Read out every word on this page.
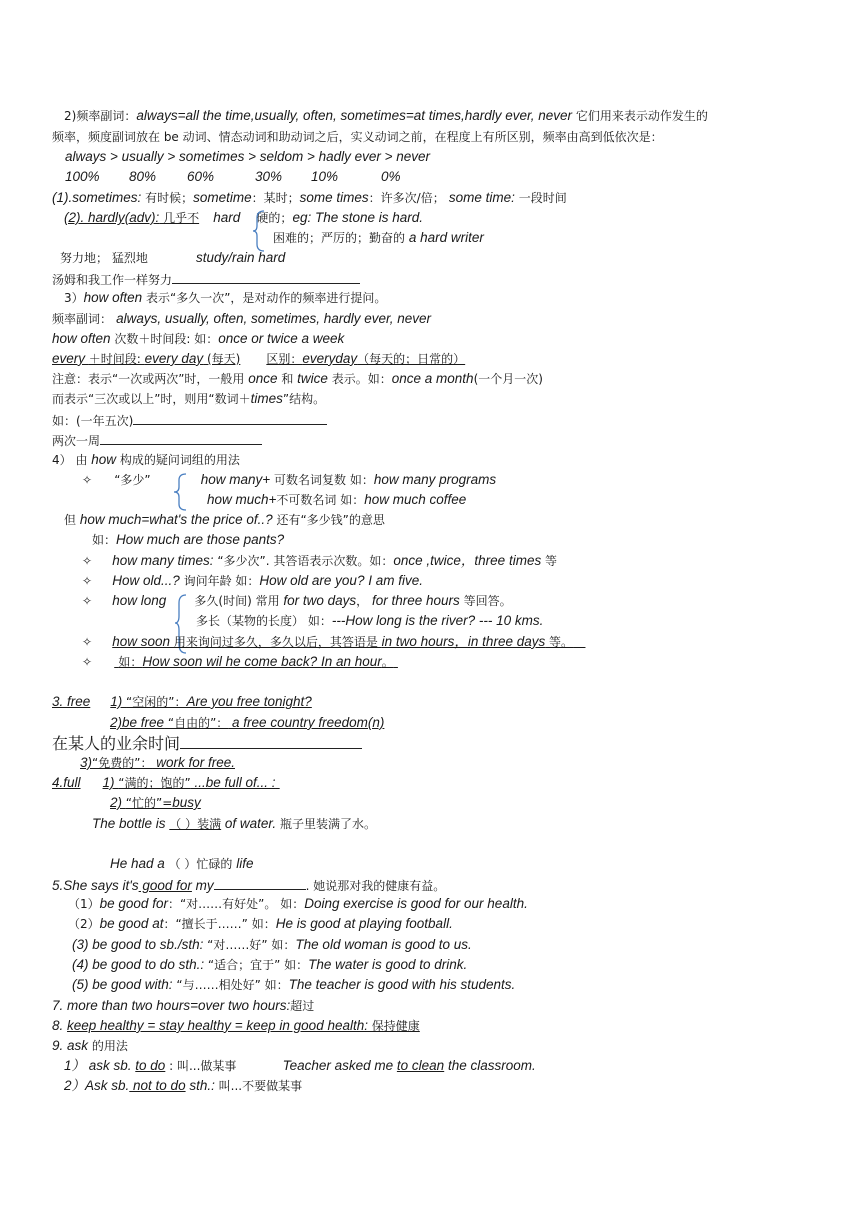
2)频率副词：always=all the time,usually, often, sometimes=at times,hardly ever, never 它们用来表示动作发生的
频率，频度副词放在 be 动词、情态动词和助动词之后，实义动词之前，在程度上有所区别，频率由高到低依次是：
always > usually > sometimes > seldom > hadly ever > never
100% 80% 60%	30% 10%	0%
(1).sometimes: 有时候；sometime：某时；some times：许多次/倍； some time: 一段时间
(2). hardly(adv): 几乎不 hard 硬的；eg: The stone is hard.
困难的；严厉的；勤奋的 a hard writer
努力地； 猛烈地	study/rain hard
汤姆和我工作一样努力
3）how often 表示“多久一次”，是对动作的频率进行提问。
频率副词： always, usually, often, sometimes, hardly ever, never
how often 次数＋时间段: 如：once or twice a week
every ＋时间段: every day (每天) 区别：everyday（每天的；日常的）
注意：表示“一次或两次”时，一般用 once 和 twice 表示。如：once a month(一个月一次)
而表示“三次或以上”时，则用“数词＋times”结构。
如：(一年五次)
两次一周
4） 由 how 构成的疑问词组的用法
✧ “多少”	how many+ 可数名词复数 如：how many programs
how much+不可数名词 如：how much coffee
但 how much=what's the price of..? 还有“多少钱”的意思
如：How much are those pants?
✧ how many times: “多少次”. 其答语表示次数。如：once ,twice，three times 等
✧ How old...? 询问年龄 如：How old are you? I am five.
✧ how long 多久(时间) 常用 for two days， for three hours 等回答。
多长（某物的长度） 如：---How long is the river? --- 10 kms.
✧ how soon 用来询问过多久，多久以后，其答语是 in two hours，in three days 等。
✧ 如：How soon wil he come back? In an hour。
3. free 1) “空闲的”：Are you free tonight?
2)be free “自由的”： a free country freedom(n)
在某人的业余时间
3)“免费的”： work for free.
4.full 1) “满的；饱的” ...be full of... :
2) “忙的”=busy
The bottle is （ ）装满 of water. 瓶子里装满了水。
He had a （ ）忙碌的 life
5.She says it's good for my	. 她说那对我的健康有益。
（1）be good for：“对……有好处”。 如：Doing exercise is good for our health.
（2）be good at：“擅长于……” 如：He is good at playing football.
(3) be good to sb./sth: “对……好” 如：The old woman is good to us.
(4) be good to do sth.: “适合；宜于” 如：The water is good to drink.
(5) be good with: “与……相处好” 如：The teacher is good with his students.
7. more than two hours=over two hours:超过
8. keep healthy = stay healthy = keep in good health: 保持健康
9. ask 的用法
1） ask sb. to do : 叫...做某事	Teacher asked me to clean the classroom.
2）Ask sb. not to do sth.: 叫...不要做某事
